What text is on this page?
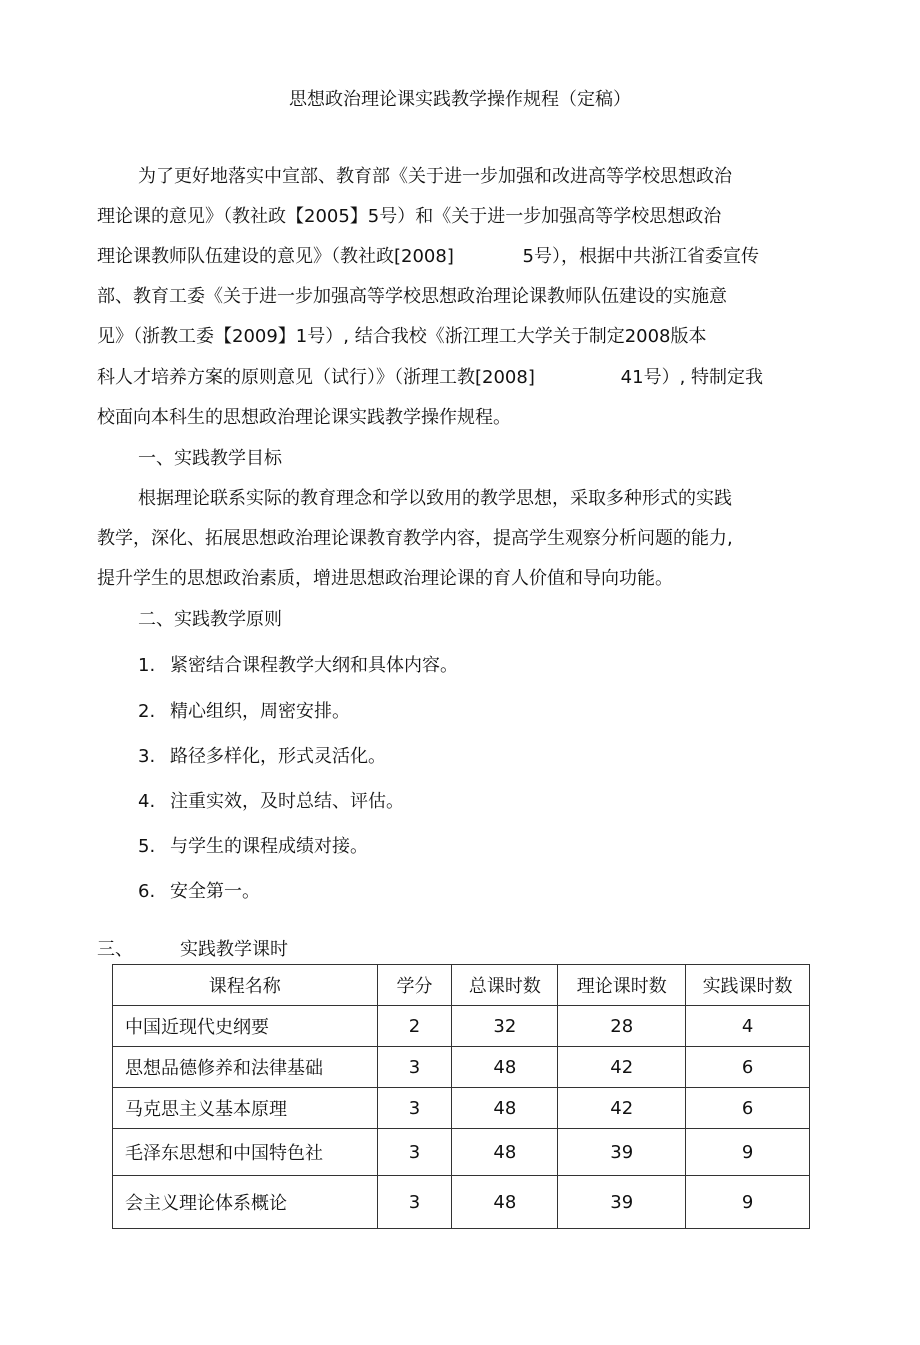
思想政治理论课实践教学操作规程（定稿）
为了更好地落实中宣部、教育部《关于进一步加强和改进高等学校思想政治
理论课的意见》（教社政【2005】5号）和《关于进一步加强高等学校思想政治
理论课教师队伍建设的意见》（教社政[2008]            5号），根据中共浙江省委宣传
部、教育工委《关于进一步加强高等学校思想政治理论课教师队伍建设的实施意
见》（浙教工委【2009】1号）, 结合我校《浙江理工大学关于制定2008版本
科人才培养方案的原则意见（试行）》（浙理工教[2008]               41号）, 特制定我
校面向本科生的思想政治理论课实践教学操作规程。
一、实践教学目标
根据理论联系实际的教育理念和学以致用的教学思想，采取多种形式的实践
教学，深化、拓展思想政治理论课教育教学内容，提高学生观察分析问题的能力,
提升学生的思想政治素质，增进思想政治理论课的育人价值和导向功能。
二、实践教学原则
1. 紧密结合课程教学大纲和具体内容。
2. 精心组织，周密安排。
3. 路径多样化，形式灵活化。
4. 注重实效，及时总结、评估。
5. 与学生的课程成绩对接。
6. 安全第一。
三、	实践教学课时
课程名称	学分	总课时数	理论课时数	实践课时数
中国近现代史纲要	2	32	28	4
思想品德修养和法律基础	3	48	42	6
马克思主义基本原理	3	48	42	6
毛泽东思想和中国特色社	3	48	39	9
会主义理论体系概论	3	48	39	9
